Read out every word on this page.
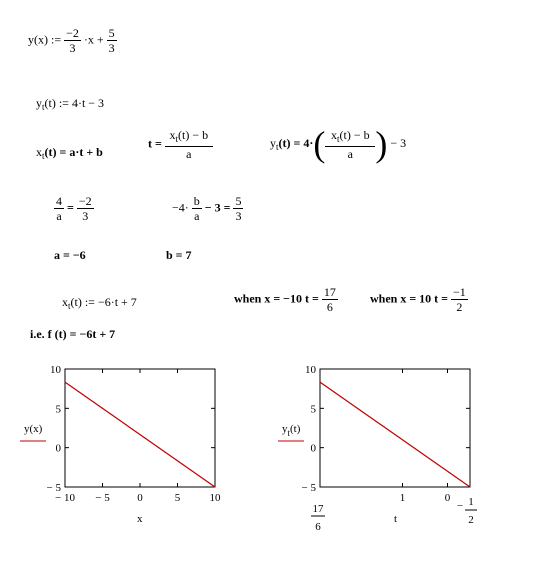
y(x) := $\frac{-2}{3} \cdot x + \frac{5}{3}$
$y_t(t)$ := 4·t − 3
$x_t(t) = a\cdot t + b$
$t = \frac{x_t(t) - b}{a}$	$y_t(t) = 4\cdot( \frac{x_t(t) - b}{a}$ ) − 3
$\frac{4}{a} = \frac{-2}{3}$	$-4\cdot \frac{b}{a} - 3 = \frac{5}{3}$
a = −6	b = 7
$x_t(t)$ := −6·t + 7	when x = −10 $t = \frac{17}{6}$	when x = 10 $t = \frac{-1}{2}$
i.e. f (t) = −6t + 7
10
5
0
− 5
− 10 − 5	0	5	10
y(x)
x
10
5
0
− 5
1	0
$y_t(t)$
t
17
6
− 1
2
